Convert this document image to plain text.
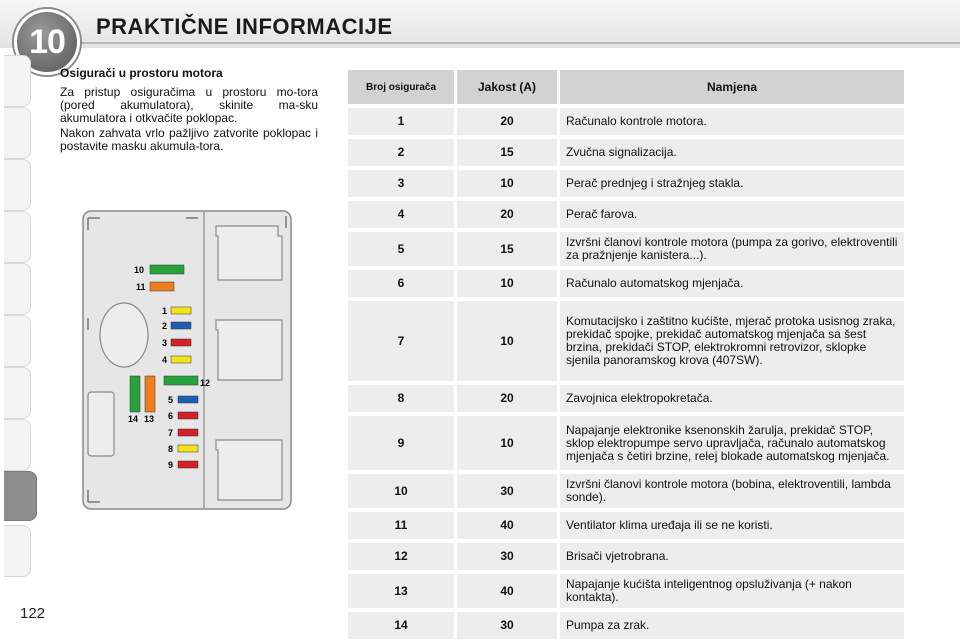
10	PRAKTIČNE INFORMACIJE
Osigurači u prostoru motora
Za pristup osiguračima u prostoru mo-tora (pored akumulatora), skinite ma-sku akumulatora i otkvačite poklopac.
Nakon zahvata vrlo pažljivo zatvorite poklopac i postavite masku akumula-tora.
10
11
1
2
3
4
12
5
6
7
8
9
14 13
Broj osigurača	Jakost (A)	Namjena
1	20	Računalo kontrole motora.
2	15	Zvučna signalizacija.
3	10	Perač prednjeg i stražnjeg stakla.
4	20	Perač farova.
5	15	Izvršni članovi kontrole motora (pumpa za gorivo, elektroventili za pražnjenje kanistera...).
6	10	Računalo automatskog mjenjača.
7	10	Komutacijsko i zaštitno kućište, mjerač protoka usisnog zraka, prekidač spojke, prekidač automatskog mjenjača sa šest brzina, prekidači STOP, elektrokromni retrovizor, sklopke sjenila panoramskog krova (407SW).
8	20	Zavojnica elektropokretača.
9	10	Napajanje elektronike ksenonskih žarulja, prekidač STOP, sklop elektropumpe servo upravljača, računalo automatskog mjenjača s četiri brzine, relej blokade automatskog mjenjača.
10	30	Izvršni članovi kontrole motora (bobina, elektroventili, lambda sonde).
11	40	Ventilator klima uređaja ili se ne koristi.
12	30	Brisači vjetrobrana.
13	40	Napajanje kućišta inteligentnog opsluživanja (+ nakon kontakta).
14	30	Pumpa za zrak.
122
